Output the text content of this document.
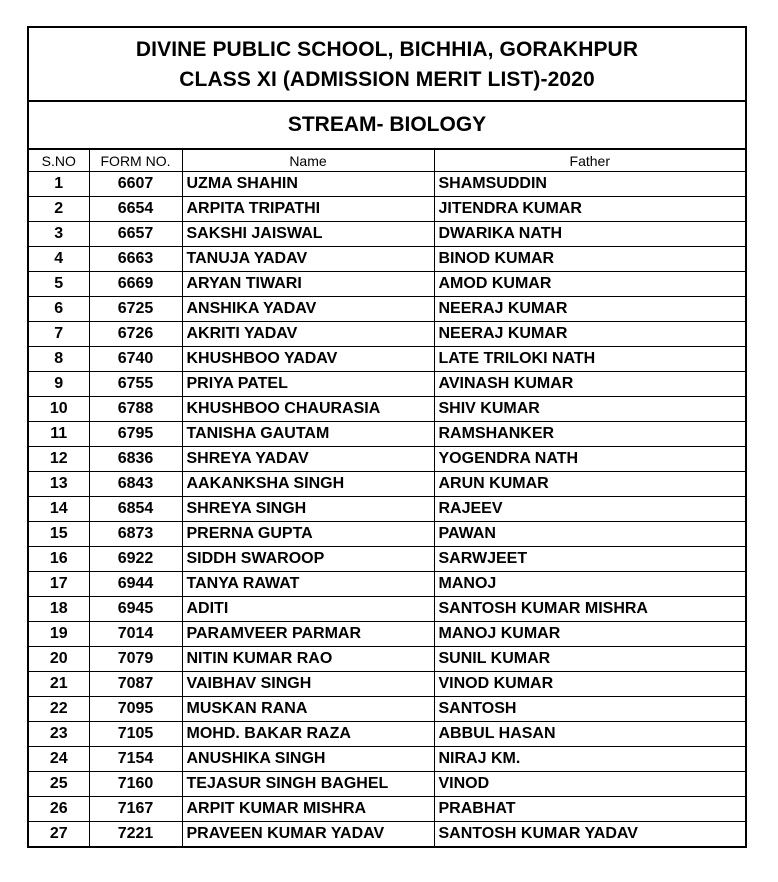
DIVINE PUBLIC SCHOOL, BICHHIA, GORAKHPUR
CLASS XI (ADMISSION MERIT LIST)-2020
STREAM- BIOLOGY
S.NO	FORM NO.	Name	Father
1	6607	UZMA SHAHIN	SHAMSUDDIN
2	6654	ARPITA TRIPATHI	JITENDRA KUMAR
3	6657	SAKSHI JAISWAL	DWARIKA NATH
4	6663	TANUJA YADAV	BINOD KUMAR
5	6669	ARYAN TIWARI	AMOD KUMAR
6	6725	ANSHIKA YADAV	NEERAJ KUMAR
7	6726	AKRITI YADAV	NEERAJ KUMAR
8	6740	KHUSHBOO YADAV	LATE TRILOKI NATH
9	6755	PRIYA PATEL	AVINASH KUMAR
10	6788	KHUSHBOO CHAURASIA	SHIV KUMAR
11	6795	TANISHA GAUTAM	RAMSHANKER
12	6836	SHREYA YADAV	YOGENDRA NATH
13	6843	AAKANKSHA SINGH	ARUN KUMAR
14	6854	SHREYA SINGH	RAJEEV
15	6873	PRERNA GUPTA	PAWAN
16	6922	SIDDH SWAROOP	SARWJEET
17	6944	TANYA RAWAT	MANOJ
18	6945	ADITI	SANTOSH KUMAR MISHRA
19	7014	PARAMVEER PARMAR	MANOJ KUMAR
20	7079	NITIN KUMAR RAO	SUNIL KUMAR
21	7087	VAIBHAV SINGH	VINOD KUMAR
22	7095	MUSKAN RANA	SANTOSH
23	7105	MOHD. BAKAR RAZA	ABBUL HASAN
24	7154	ANUSHIKA SINGH	NIRAJ KM.
25	7160	TEJASUR SINGH BAGHEL	VINOD
26	7167	ARPIT KUMAR MISHRA	PRABHAT
27	7221	PRAVEEN KUMAR YADAV	SANTOSH KUMAR YADAV
